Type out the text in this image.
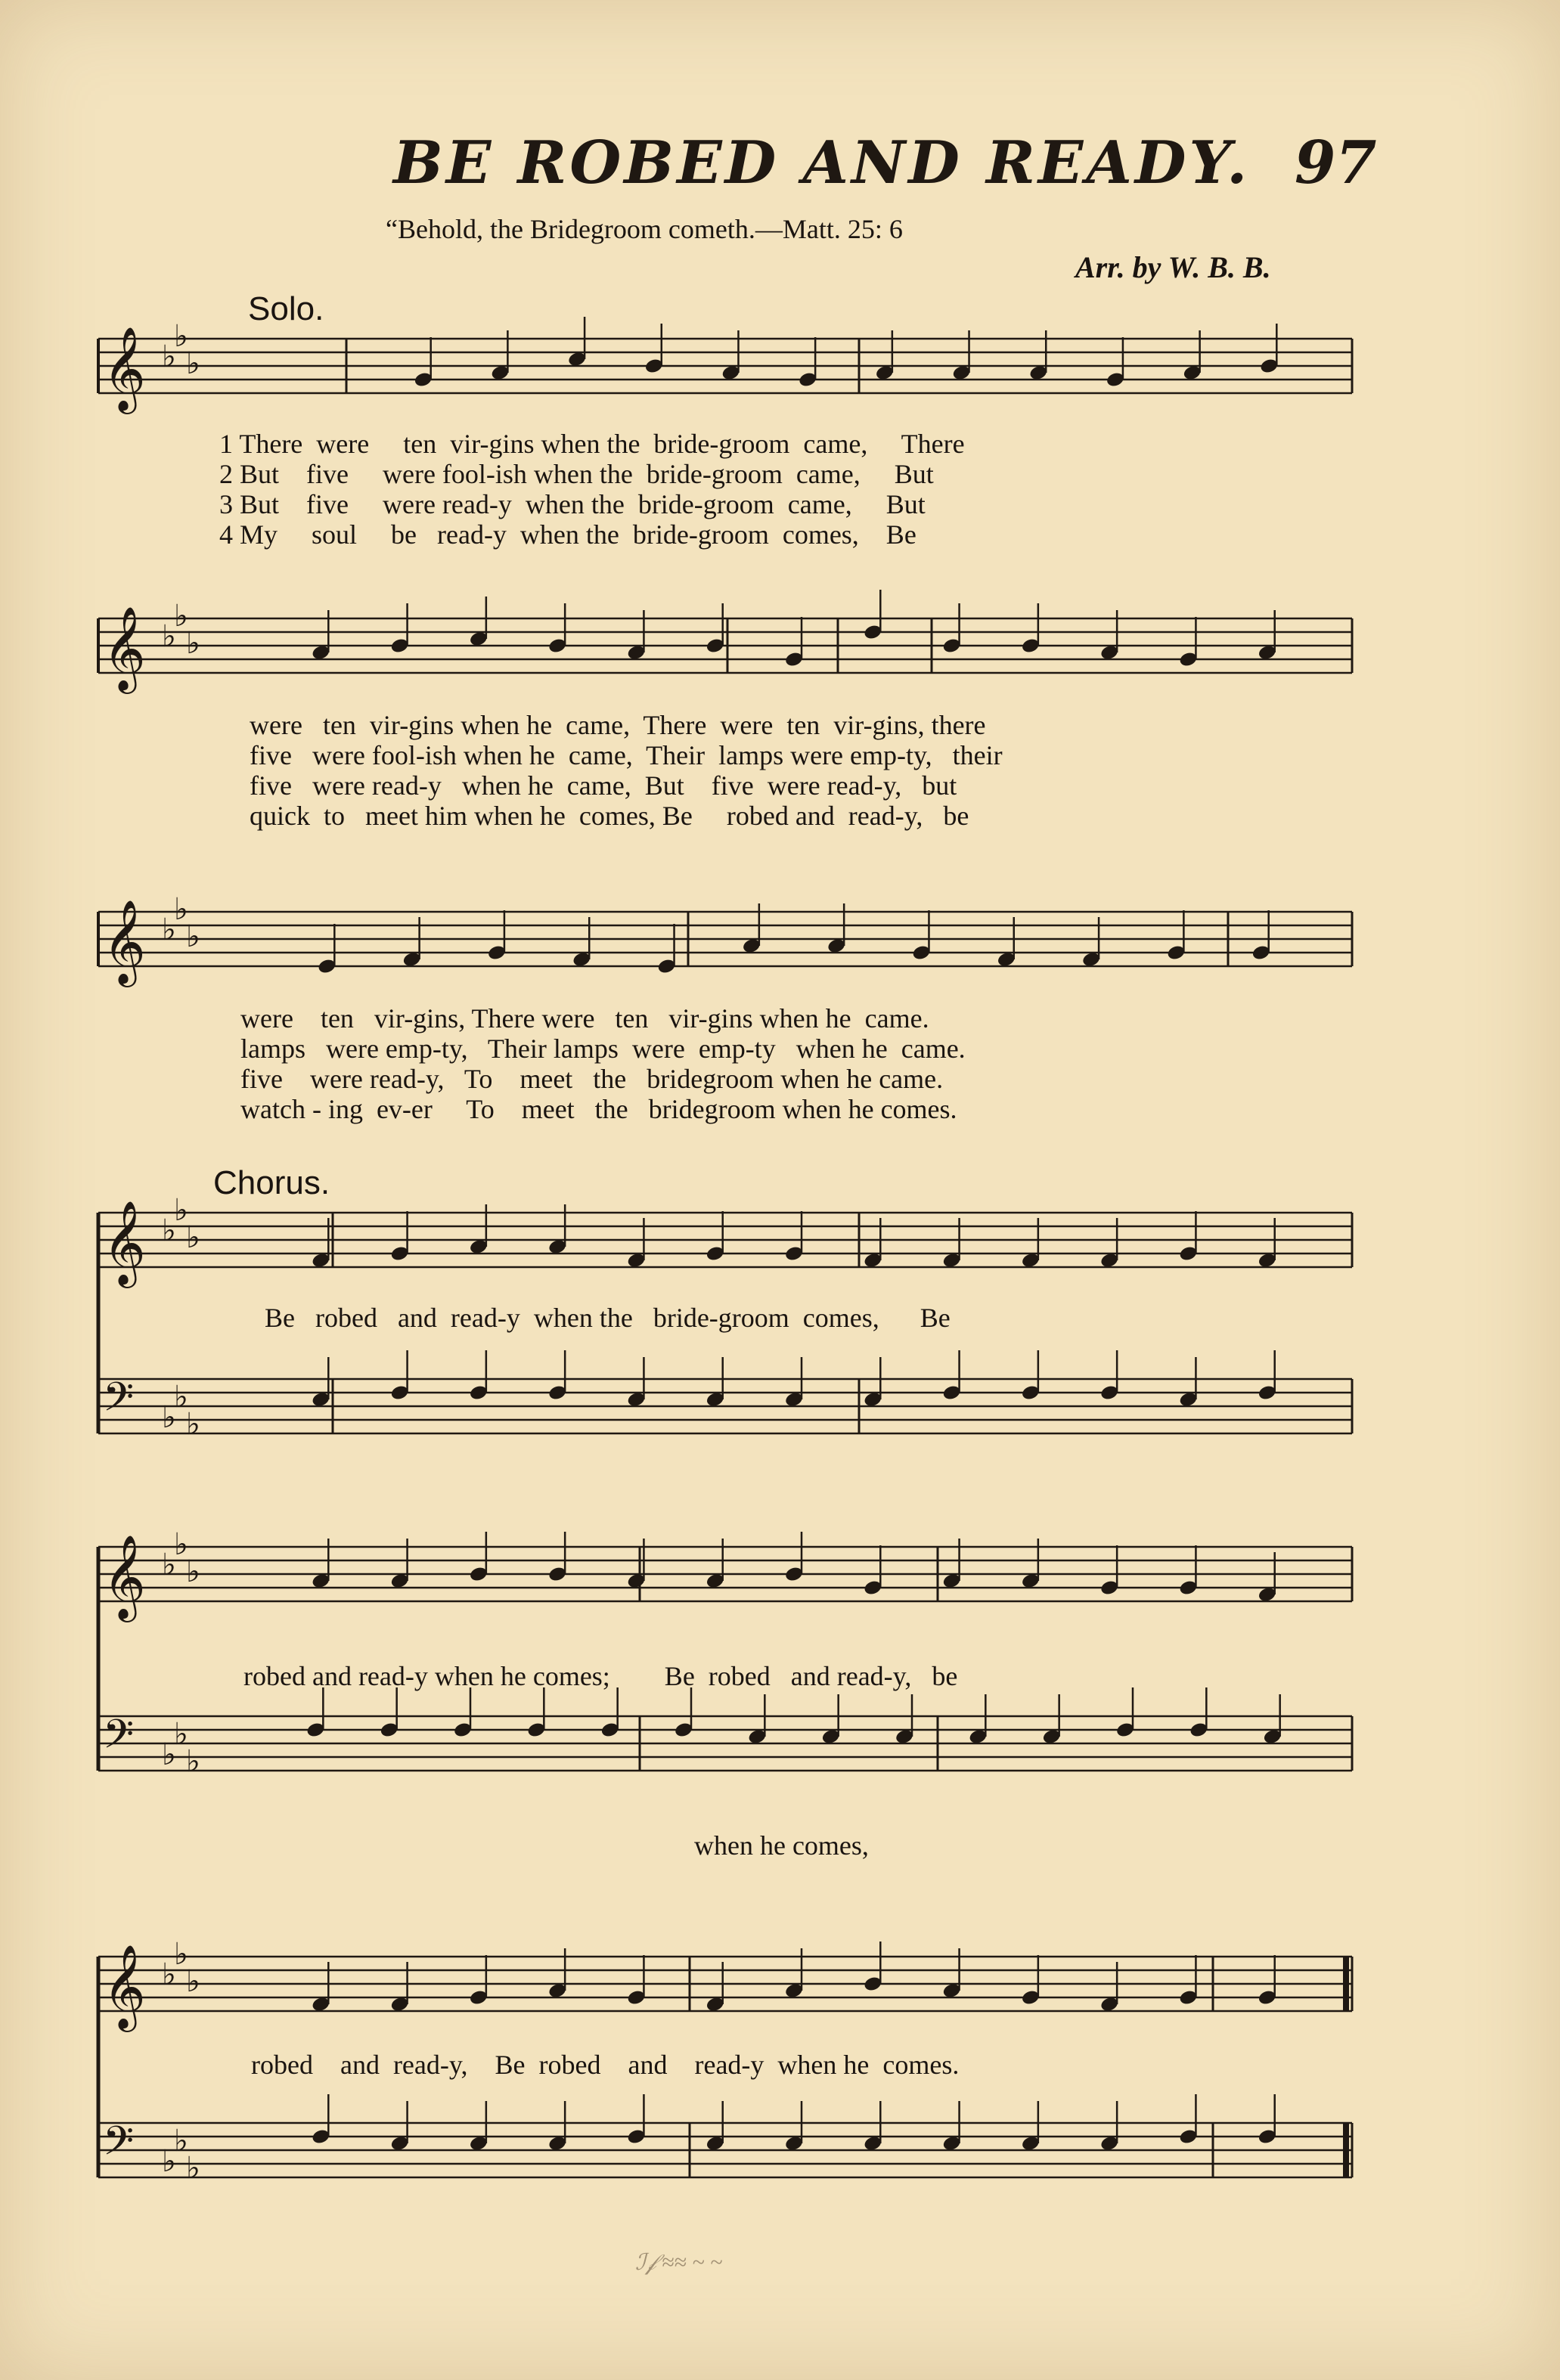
BE ROBED AND READY. 97
“Behold, the Bridegroom cometh.—Matt. 25: 6
Arr. by W. B. B.
Solo.
Chorus.
𝄞 ♭
♭
♭
𝄞 ♭
♭
♭
𝄞 ♭
♭
♭
𝄞 ♭
♭
♭
𝄢 ♭
♭
♭
𝄞 ♭
♭
♭
𝄢 ♭
♭
♭
𝄞 ♭
♭
♭
𝄢 ♭
♭
♭
1 There  were     ten  vir-gins when the  bride-groom  came,     There
2 But    five     were fool-ish when the  bride-groom  came,     But
3 But    five     were read-y  when the  bride-groom  came,     But
4 My     soul     be   read-y  when the  bride-groom  comes,    Be
were   ten  vir-gins when he  came,  There  were  ten  vir-gins, there
five   were fool-ish when he  came,  Their  lamps were emp-ty,   their
five   were read-y   when he  came,  But    five  were read-y,   but
quick  to   meet him when he  comes, Be     robed and  read-y,   be
were    ten   vir-gins, There were   ten   vir-gins when he  came.
lamps   were emp-ty,   Their lamps  were  emp-ty   when he  came.
five    were read-y,   To    meet   the   bridegroom when he came.
watch - ing  ev-er     To    meet   the   bridegroom when he comes.
Be   robed   and  read-y  when the   bride-groom  comes,      Be
robed and read-y when he comes;        Be  robed   and read-y,   be
when he comes,
robed    and  read-y,    Be  robed    and    read-y  when he  comes.
ℐ𝒻 ≈≈ ~ ~
